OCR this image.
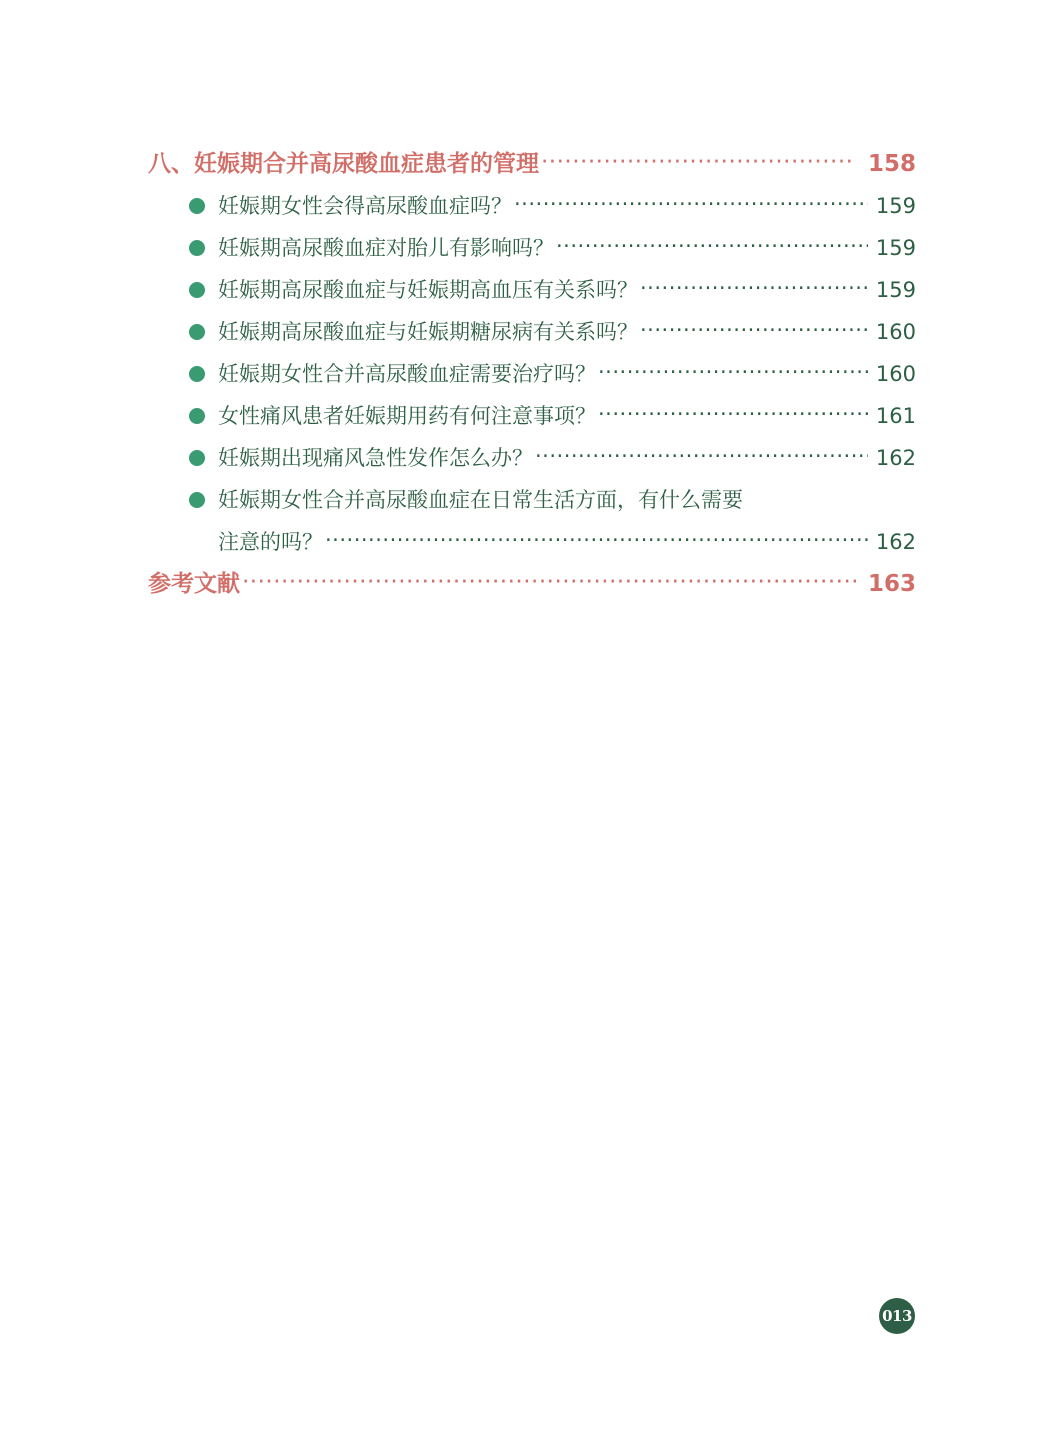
八、妊娠期合并高尿酸血症患者的管理 ·····	158
妊娠期女性会得高尿酸血症吗？ ·····	159
妊娠期高尿酸血症对胎儿有影响吗？ ·····	159
妊娠期高尿酸血症与妊娠期高血压有关系吗？ ·····	159
妊娠期高尿酸血症与妊娠期糖尿病有关系吗？ ·····	160
妊娠期女性合并高尿酸血症需要治疗吗？ ·····	160
女性痛风患者妊娠期用药有何注意事项？ ·····	161
妊娠期出现痛风急性发作怎么办？ ·····	162
妊娠期女性合并高尿酸血症在日常生活方面，有什么需要
注意的吗？ ·····	162
参考文献 ·····	163
013
